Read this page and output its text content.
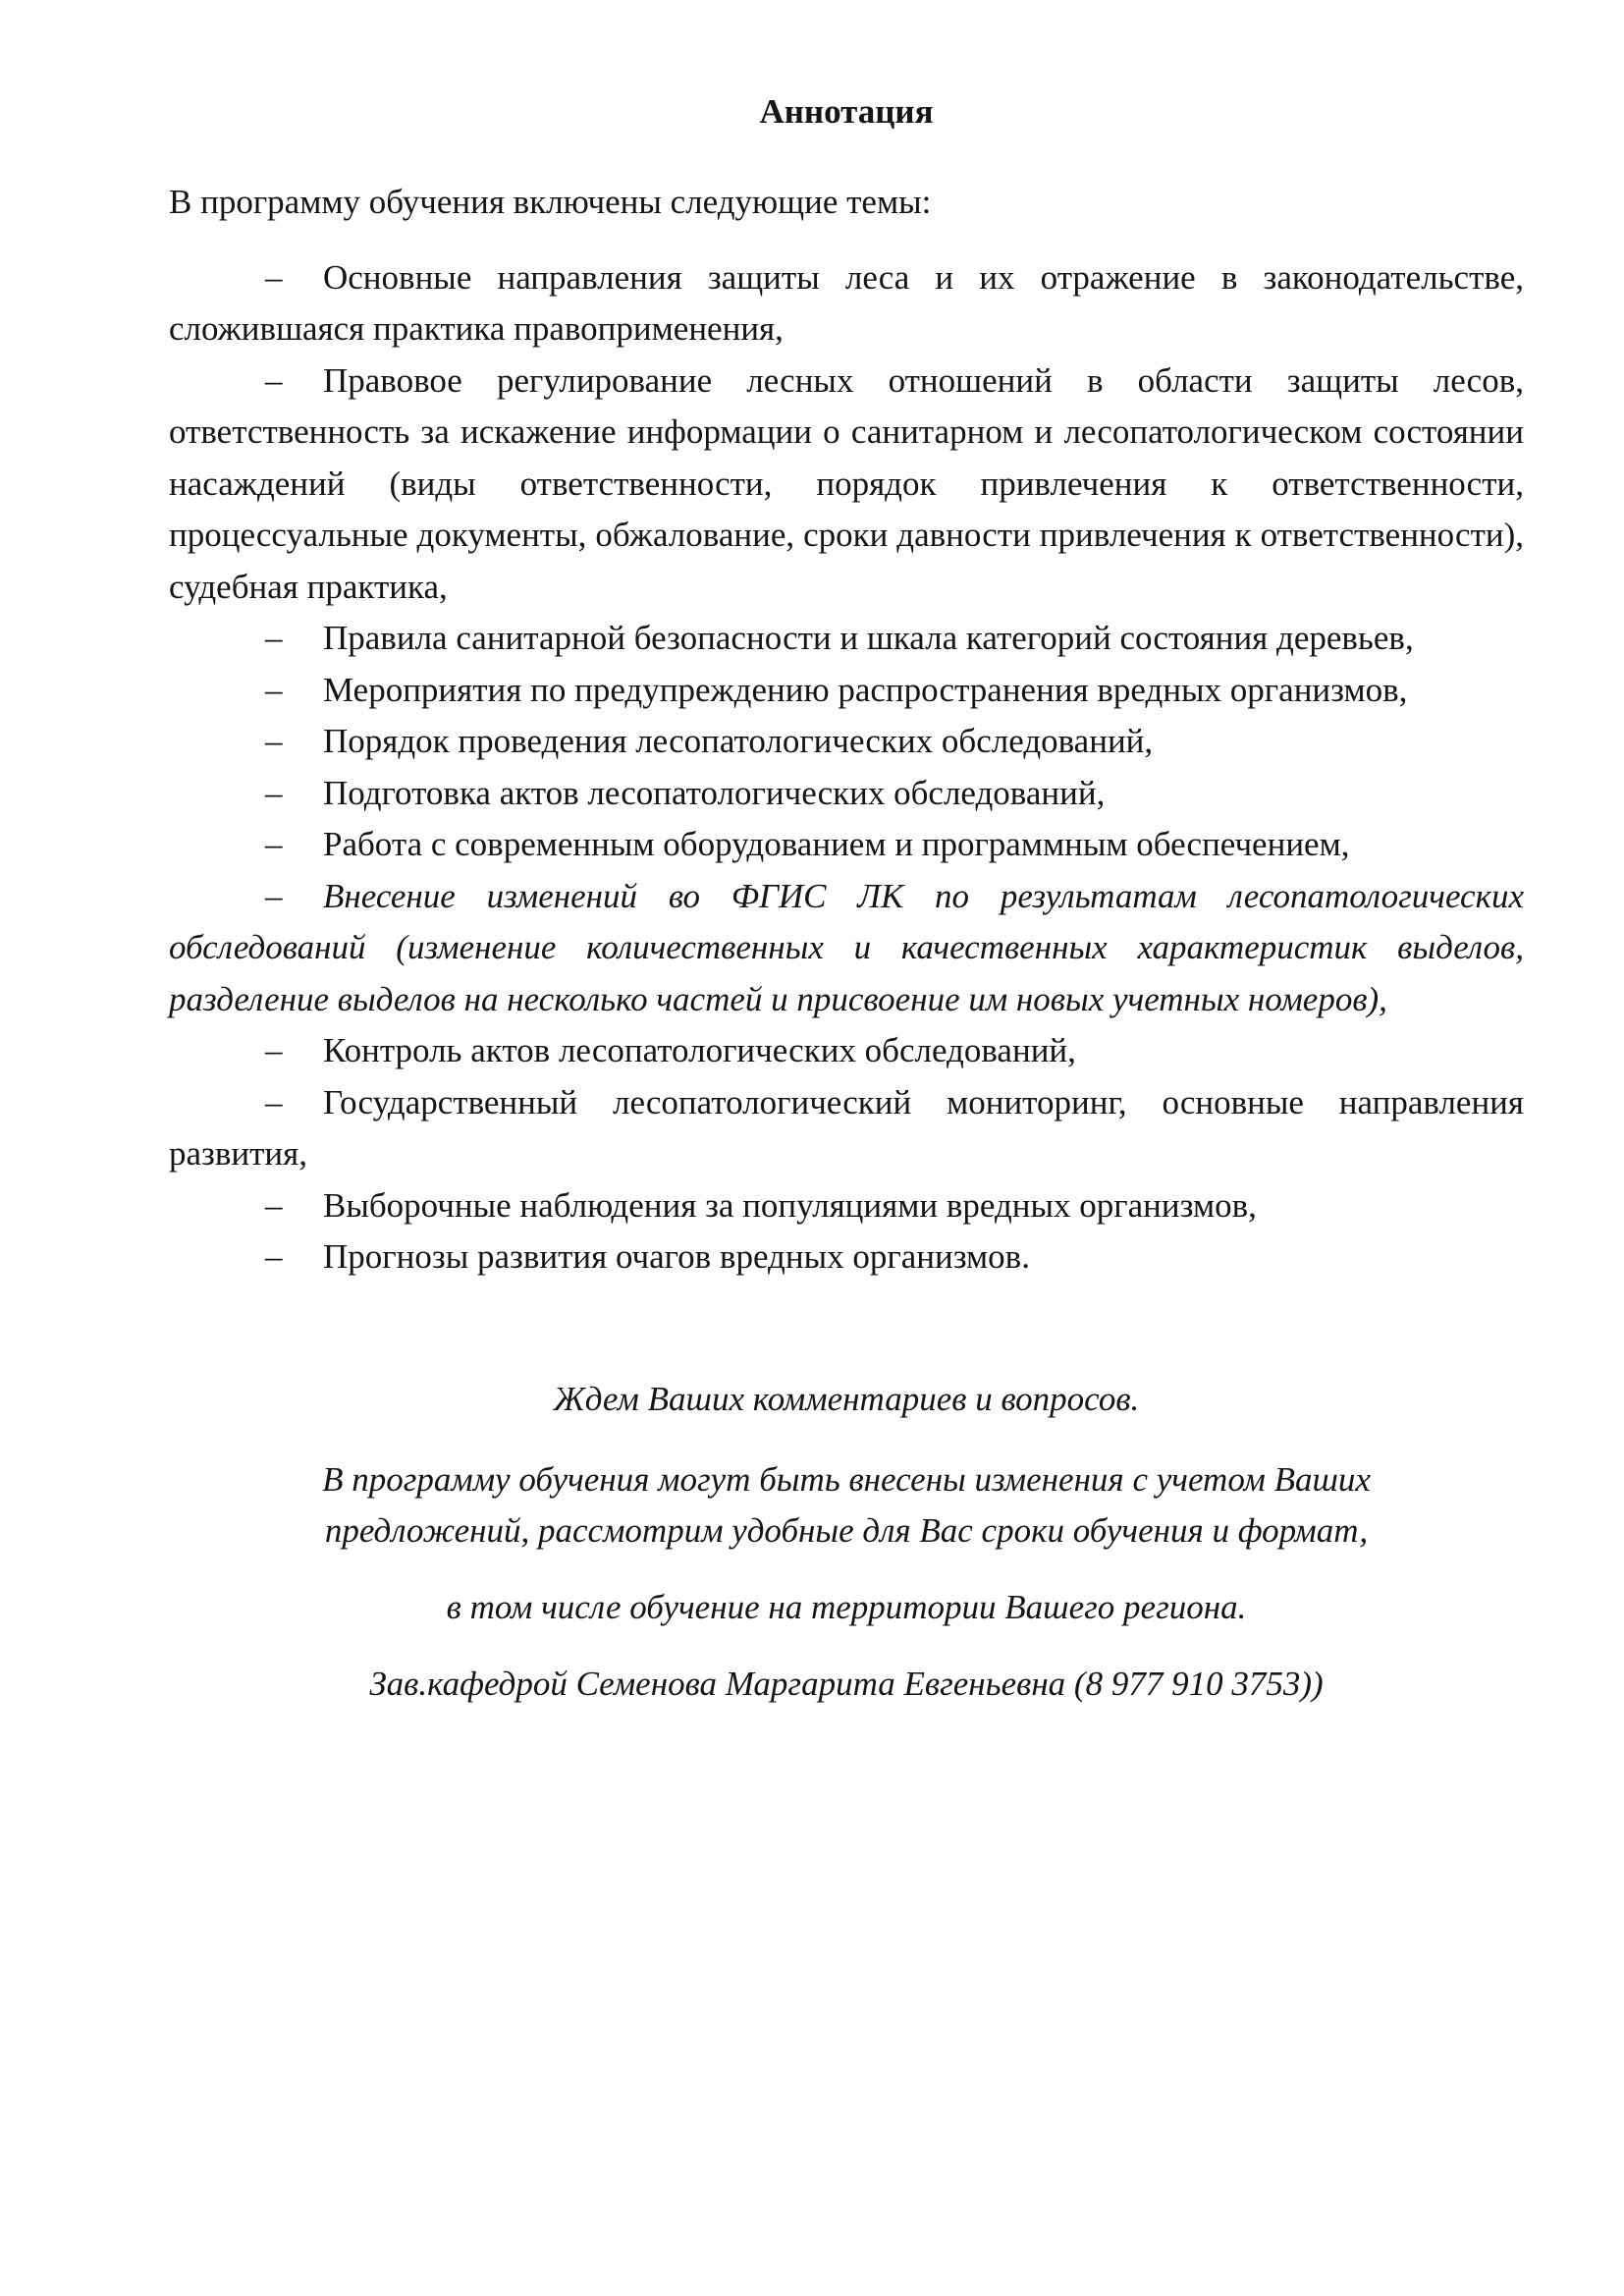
Аннотация

В программу обучения включены следующие темы:

– Основные направления защиты леса и их отражение в законодательстве, сложившаяся практика правоприменения,
– Правовое регулирование лесных отношений в области защиты лесов, ответственность за искажение информации о санитарном и лесопатологическом состоянии насаждений (виды ответственности, порядок привлечения к ответственности, процессуальные документы, обжалование, сроки давности привлечения к ответственности), судебная практика,
– Правила санитарной безопасности и шкала категорий состояния деревьев,
– Мероприятия по предупреждению распространения вредных организмов,
– Порядок проведения лесопатологических обследований,
– Подготовка актов лесопатологических обследований,
– Работа с современным оборудованием и программным обеспечением,
– Внесение изменений во ФГИС ЛК по результатам лесопатологических обследований (изменение количественных и качественных характеристик выделов, разделение выделов на несколько частей и присвоение им новых учетных номеров),
– Контроль актов лесопатологических обследований,
– Государственный лесопатологический мониторинг, основные направления развития,
– Выборочные наблюдения за популяциями вредных организмов,
– Прогнозы развития очагов вредных организмов.

Ждем Ваших комментариев и вопросов.

В программу обучения могут быть внесены изменения с учетом Ваших

предложений, рассмотрим удобные для Вас сроки обучения и формат,

в том числе обучение на территории Вашего региона.

Зав.кафедрой Семенова Маргарита Евгеньевна (8 977 910 3753))
